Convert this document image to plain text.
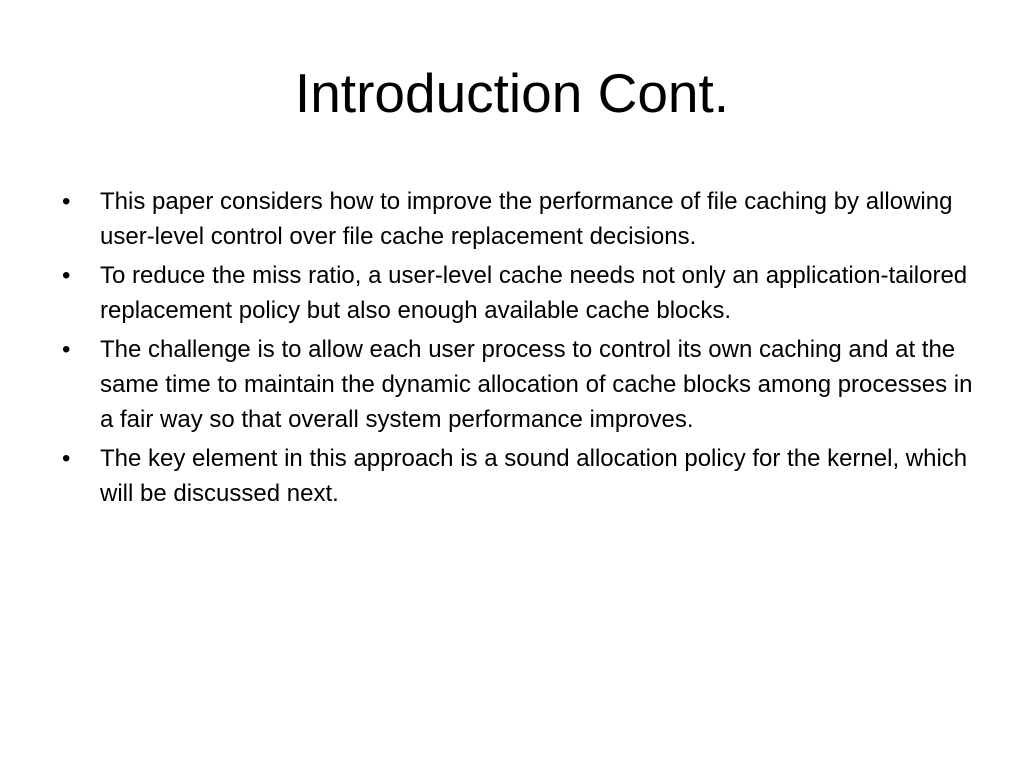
Introduction Cont.
•	This paper considers how to improve the performance of file caching by allowing user-level control over file cache replacement decisions.
•	To reduce the miss ratio, a user-level cache needs not only an application-tailored replacement policy but also enough available cache blocks.
•	The challenge is to allow each user process to control its own caching and at the same time to maintain the dynamic allocation of cache blocks among processes in a fair way so that overall system performance improves.
•	The key element in this approach is a sound allocation policy for the kernel, which will be discussed next.
